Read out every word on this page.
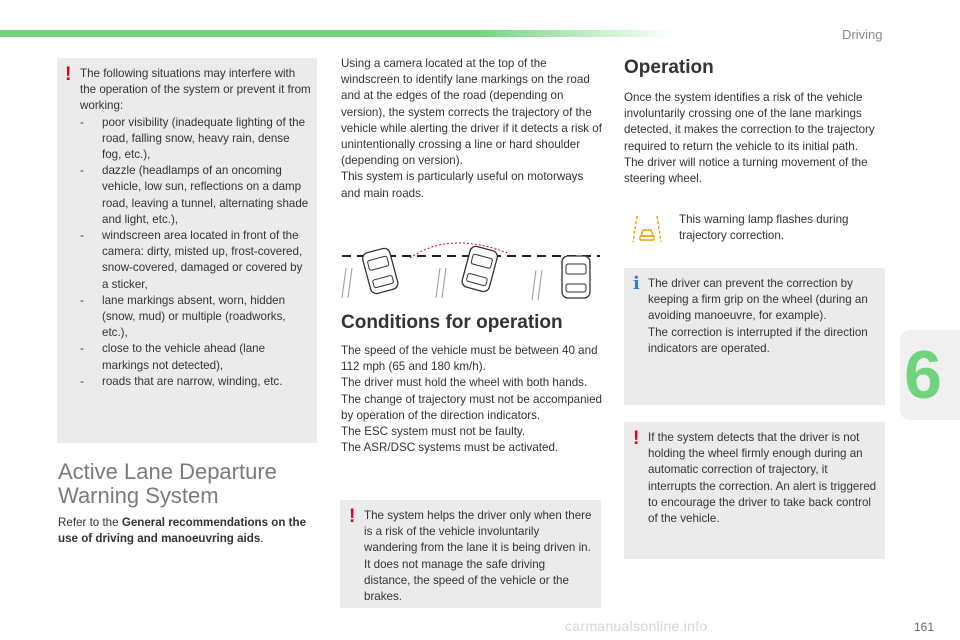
Driving
6
! The following situations may interfere with the operation of the system or prevent it from working:

- poor visibility (inadequate lighting of the road, falling snow, heavy rain, dense fog, etc.),
- dazzle (headlamps of an oncoming vehicle, low sun, reflections on a damp road, leaving a tunnel, alternating shade and light, etc.),
- windscreen area located in front of the camera: dirty, misted up, frost-covered, snow-covered, damaged or covered by a sticker,
- lane markings absent, worn, hidden (snow, mud) or multiple (roadworks, etc.),
- close to the vehicle ahead (lane markings not detected),
- roads that are narrow, winding, etc.
Active Lane Departure
Warning System
Refer to the General recommendations on the use of driving and manoeuvring aids.
Using a camera located at the top of the windscreen to identify lane markings on the road and at the edges of the road (depending on version), the system corrects the trajectory of the vehicle while alerting the driver if it detects a risk of unintentionally crossing a line or hard shoulder (depending on version).
This system is particularly useful on motorways and main roads.
Conditions for operation
The speed of the vehicle must be between 40 and 112 mph (65 and 180 km/h).
The driver must hold the wheel with both hands.
The change of trajectory must not be accompanied by operation of the direction indicators.
The ESC system must not be faulty.
The ASR/DSC systems must be activated.
! The system helps the driver only when there is a risk of the vehicle involuntarily wandering from the lane it is being driven in. It does not manage the safe driving distance, the speed of the vehicle or the brakes.

Operation
Once the system identifies a risk of the vehicle involuntarily crossing one of the lane markings detected, it makes the correction to the trajectory required to return the vehicle to its initial path.
The driver will notice a turning movement of the steering wheel.
This warning lamp flashes during trajectory correction.
i The driver can prevent the correction by keeping a firm grip on the wheel (during an avoiding manoeuvre, for example).

The correction is interrupted if the direction indicators are operated.

! If the system detects that the driver is not holding the wheel firmly enough during an automatic correction of trajectory, it interrupts the correction. An alert is triggered to encourage the driver to take back control of the vehicle.

carmanualsonline.info	161
